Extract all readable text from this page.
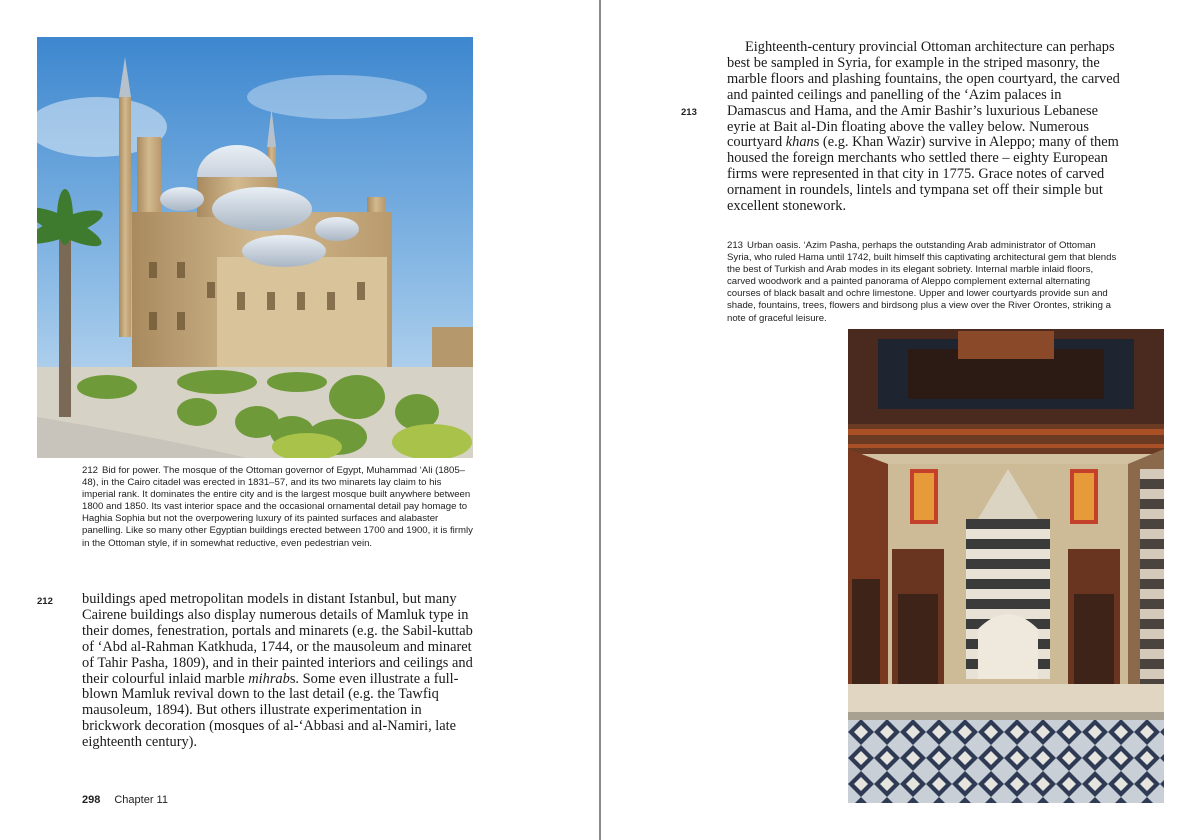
212 Bid for power. The mosque of the Ottoman governor of Egypt, Muhammad ‘Ali (1805–48), in the Cairo citadel was erected in 1831–57, and its two minarets lay claim to his imperial rank. It dominates the entire city and is the largest mosque built anywhere between 1800 and 1850. Its vast interior space and the occasional ornamental detail pay homage to Haghia Sophia but not the overpowering luxury of its painted surfaces and alabaster panelling. Like so many other Egyptian buildings erected between 1700 and 1900, it is firmly in the Ottoman style, if in somewhat reductive, even pedestrian vein.
212 buildings aped metropolitan models in distant Istanbul, but many Cairene buildings also display numerous details of Mamluk type in their domes, fenestration, portals and minarets (e.g. the Sabil-kuttab of ‘Abd al-Rahman Katkhuda, 1744, or the mausoleum and minaret of Tahir Pasha, 1809), and in their painted interiors and ceilings and their colourful inlaid marble mihrabs. Some even illustrate a full-blown Mamluk revival down to the last detail (e.g. the Tawfiq mausoleum, 1894). But others illustrate experimentation in brickwork decoration (mosques of al-‘Abbasi and al-Namiri, late eighteenth century).

298 Chapter 11
213

Eighteenth-century provincial Ottoman architecture can perhaps best be sampled in Syria, for example in the striped masonry, the marble floors and plashing fountains, the open courtyard, the carved and painted ceilings and panelling of the ‘Azim palaces in Damascus and Hama, and the Amir Bashir’s luxurious Lebanese eyrie at Bait al-Din floating above the valley below. Numerous courtyard khans (e.g. Khan Wazir) survive in Aleppo; many of them housed the foreign merchants who settled there – eighty European firms were represented in that city in 1775. Grace notes of carved ornament in roundels, lintels and tympana set off their simple but excellent stonework.

213 Urban oasis. ‘Azim Pasha, perhaps the outstanding Arab administrator of Ottoman Syria, who ruled Hama until 1742, built himself this captivating architectural gem that blends the best of Turkish and Arab modes in its elegant sobriety. Internal marble inlaid floors, carved woodwork and a painted panorama of Aleppo complement external alternating courses of black basalt and ochre limestone. Upper and lower courtyards provide sun and shade, fountains, trees, flowers and birdsong plus a view over the River Orontes, striking a note of graceful leisure.
